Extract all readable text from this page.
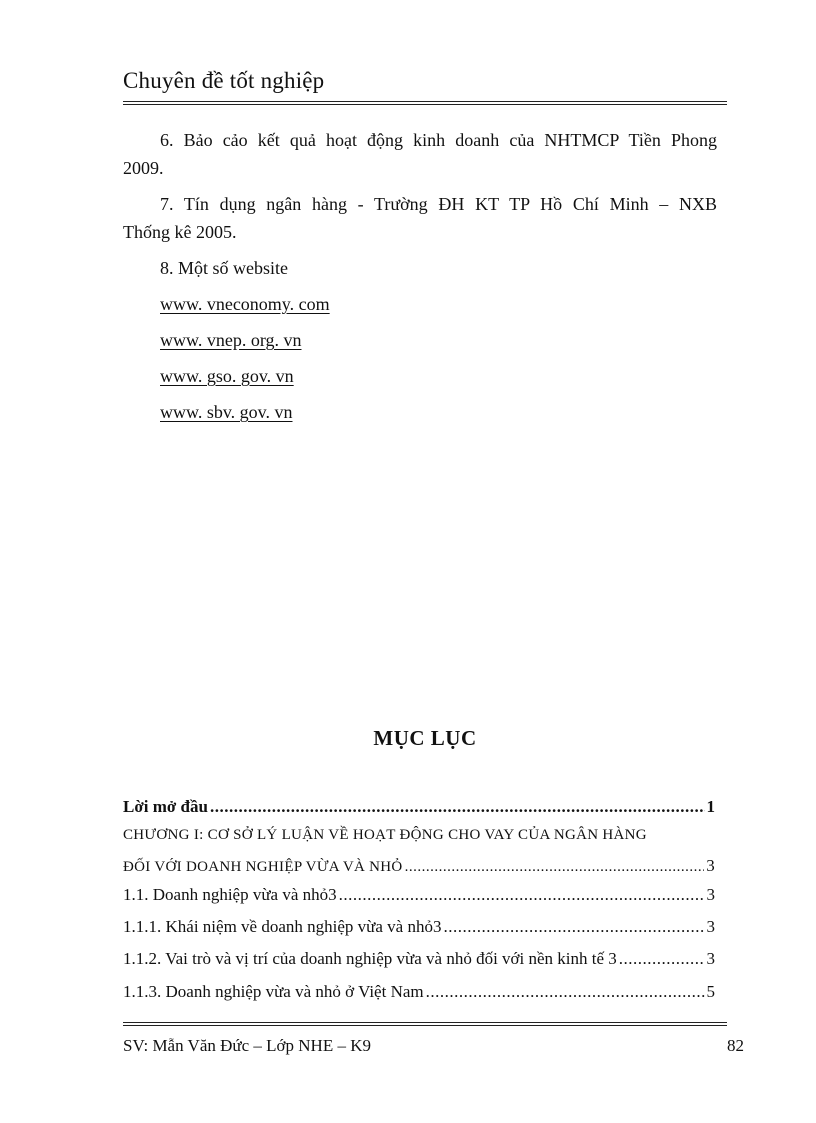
Chuyên đề tốt nghiệp
6. Bảo cảo kết quả hoạt động kinh doanh của NHTMCP Tiền Phong
2009.
7. Tín dụng ngân hàng - Trường ĐH KT TP Hồ Chí Minh – NXB
Thống kê 2005.
8. Một số website
www. vneconomy. com
www. vnep. org. vn
www. gso. gov. vn
www. sbv. gov. vn
MỤC LỤC
Lời mở đầu .....	1
CHƯƠNG I: CƠ SỞ LÝ LUẬN VỀ HOẠT ĐỘNG CHO VAY CỦA NGÂN HÀNG
ĐỐI VỚI DOANH NGHIỆP VỪA VÀ NHỎ .....	3
1.1. Doanh nghiệp vừa và nhỏ3 .....	3
1.1.1. Khái niệm về doanh nghiệp vừa và nhỏ3 .....	3
1.1.2. Vai trò và vị trí của doanh nghiệp vừa và nhỏ đối với nền kinh tế 3 .....	3
1.1.3. Doanh nghiệp vừa và nhỏ ở Việt Nam .....	5
SV: Mẫn Văn Đức – Lớp NHE – K9	82
